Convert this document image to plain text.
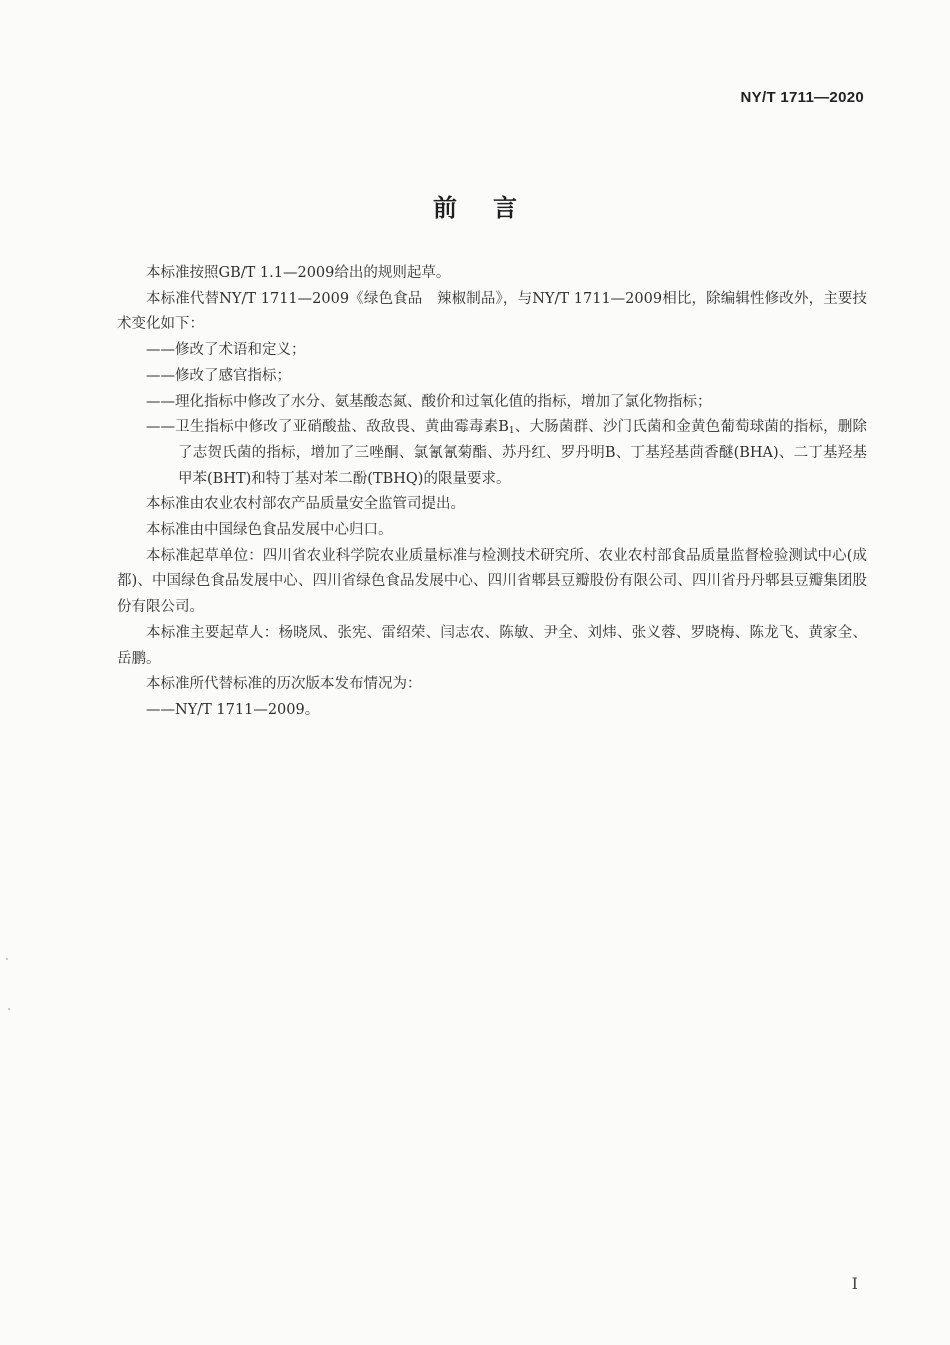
NY/T 1711—2020
前言

本标准按照GB/T 1.1—2009给出的规则起草。

本标准代替NY/T 1711—2009《绿色食品　辣椒制品》，与NY/T 1711—2009相比，除编辑性修改外，主要技术变化如下：

——修改了术语和定义；

——修改了感官指标；

——理化指标中修改了水分、氨基酸态氮、酸价和过氧化值的指标，增加了氯化物指标；

——卫生指标中修改了亚硝酸盐、敌敌畏、黄曲霉毒素$B_1$、大肠菌群、沙门氏菌和金黄色葡萄球菌的指标，删除了志贺氏菌的指标，增加了三唑酮、氯氰氰菊酯、苏丹红、罗丹明B、丁基羟基茴香醚(BHA)、二丁基羟基甲苯(BHT)和特丁基对苯二酚(TBHQ)的限量要求。

本标准由农业农村部农产品质量安全监管司提出。

本标准由中国绿色食品发展中心归口。

本标准起草单位：四川省农业科学院农业质量标准与检测技术研究所、农业农村部食品质量监督检验测试中心(成都)、中国绿色食品发展中心、四川省绿色食品发展中心、四川省郫县豆瓣股份有限公司、四川省丹丹郫县豆瓣集团股份有限公司。

本标准主要起草人：杨晓凤、张宪、雷绍荣、闫志农、陈敏、尹全、刘炜、张义蓉、罗晓梅、陈龙飞、黄家全、岳鹏。

本标准所代替标准的历次版本发布情况为：

——NY/T 1711—2009。

I
